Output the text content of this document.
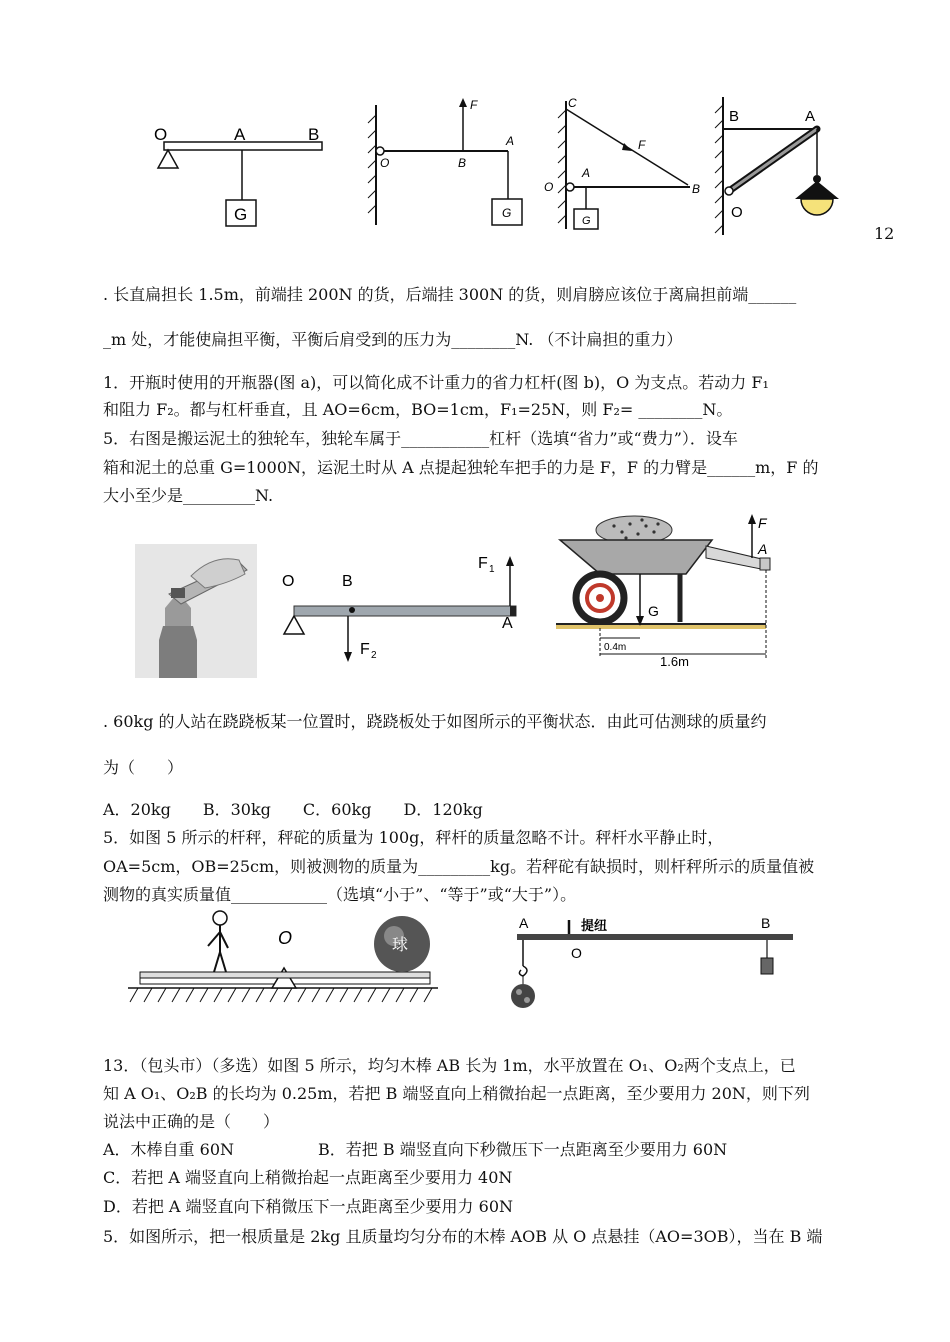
O	A	B
G
F
O	B
A
G
C
F
A
O	B
G
B	A
O
12
. 长直扁担长 1.5m，前端挂 200N 的货，后端挂 300N 的货，则肩膀应该位于离扁担前端______
_m 处，才能使扁担平衡，平衡后肩受到的压力为________N. （不计扁担的重力）
1．开瓶时使用的开瓶器(图 a)，可以简化成不计重力的省力杠杆(图 b)，O 为支点。若动力 F₁
和阻力 F₂。都与杠杆垂直，且 AO=6cm，BO=1cm，F₁=25N，则 F₂= ________N。
5．右图是搬运泥土的独轮车，独轮车属于___________杠杆（选填“省力”或“费力”）．设车
箱和泥土的总重 G=1000N，运泥土时从 A 点提起独轮车把手的力是 F，F 的力臂是______m，F 的
大小至少是_________N.
O	B
F 1
A
F 2
F
A
G
0.4m
1.6m
. 60kg 的人站在跷跷板某一位置时，跷跷板处于如图所示的平衡状态．由此可估测球的质量约
为（　　）
A．20kg　　B．30kg　　C．60kg　　D．120kg
5．如图 5 所示的杆秤，秤砣的质量为 100g，秤杆的质量忽略不计。秤杆水平静止时，
OA=5cm，OB=25cm，则被测物的质量为_________kg。若秤砣有缺损时，则杆秤所示的质量值被
测物的真实质量值____________（选填“小于”、“等于”或“大于”）。
O	球
A
O
B
提纽
13．（包头市）（多选）如图 5 所示，均匀木棒 AB 长为 1m，水平放置在 O₁、O₂两个支点上，已
知 A O₁、O₂B 的长均为 0.25m，若把 B 端竖直向上稍微抬起一点距离，至少要用力 20N，则下列
说法中正确的是（　　）
A．木棒自重 60N	B．若把 B 端竖直向下秒微压下一点距离至少要用力 60N
C．若把 A 端竖直向上稍微抬起一点距离至少要用力 40N
D．若把 A 端竖直向下稍微压下一点距离至少要用力 60N
5．如图所示，把一根质量是 2kg 且质量均匀分布的木棒 AOB 从 O 点悬挂（AO=3OB），当在 B 端
